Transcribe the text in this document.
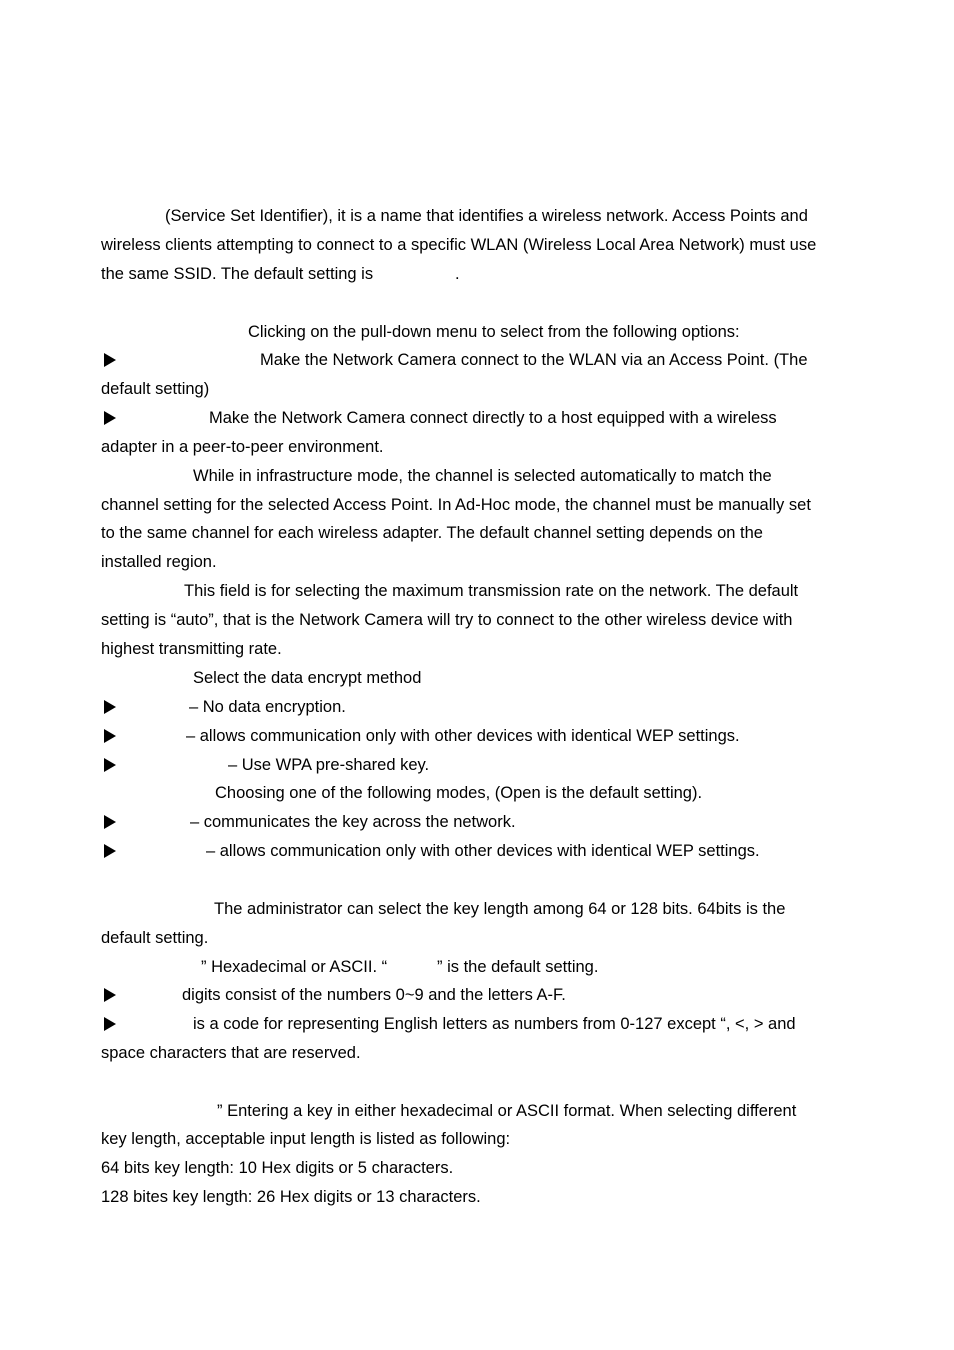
(Service Set Identifier), it is a name that identifies a wireless network. Access Points and
wireless clients attempting to connect to a specific WLAN (Wireless Local Area Network) must use
the same SSID. The default setting is	.
Clicking on the pull-down menu to select from the following options:
Make the Network Camera connect to the WLAN via an Access Point. (The
default setting)
Make the Network Camera connect directly to a host equipped with a wireless
adapter in a peer-to-peer environment.
While in infrastructure mode, the channel is selected automatically to match the
channel setting for the selected Access Point. In Ad-Hoc mode, the channel must be manually set
to the same channel for each wireless adapter. The default channel setting depends on the
installed region.
This field is for selecting the maximum transmission rate on the network. The default
setting is “auto”, that is the Network Camera will try to connect to the other wireless device with
highest transmitting rate.
Select the data encrypt method
– No data encryption.
– allows communication only with other devices with identical WEP settings.
– Use WPA pre-shared key.
Choosing one of the following modes, (Open is the default setting).
– communicates the key across the network.
– allows communication only with other devices with identical WEP settings.
The administrator can select the key length among 64 or 128 bits. 64bits is the
default setting.
” Hexadecimal or ASCII. “	” is the default setting.
digits consist of the numbers 0~9 and the letters A-F.
is a code for representing English letters as numbers from 0-127 except “, <, > and
space characters that are reserved.
” Entering a key in either hexadecimal or ASCII format. When selecting different
key length, acceptable input length is listed as following:
64 bits key length: 10 Hex digits or 5 characters.
128 bites key length: 26 Hex digits or 13 characters.
